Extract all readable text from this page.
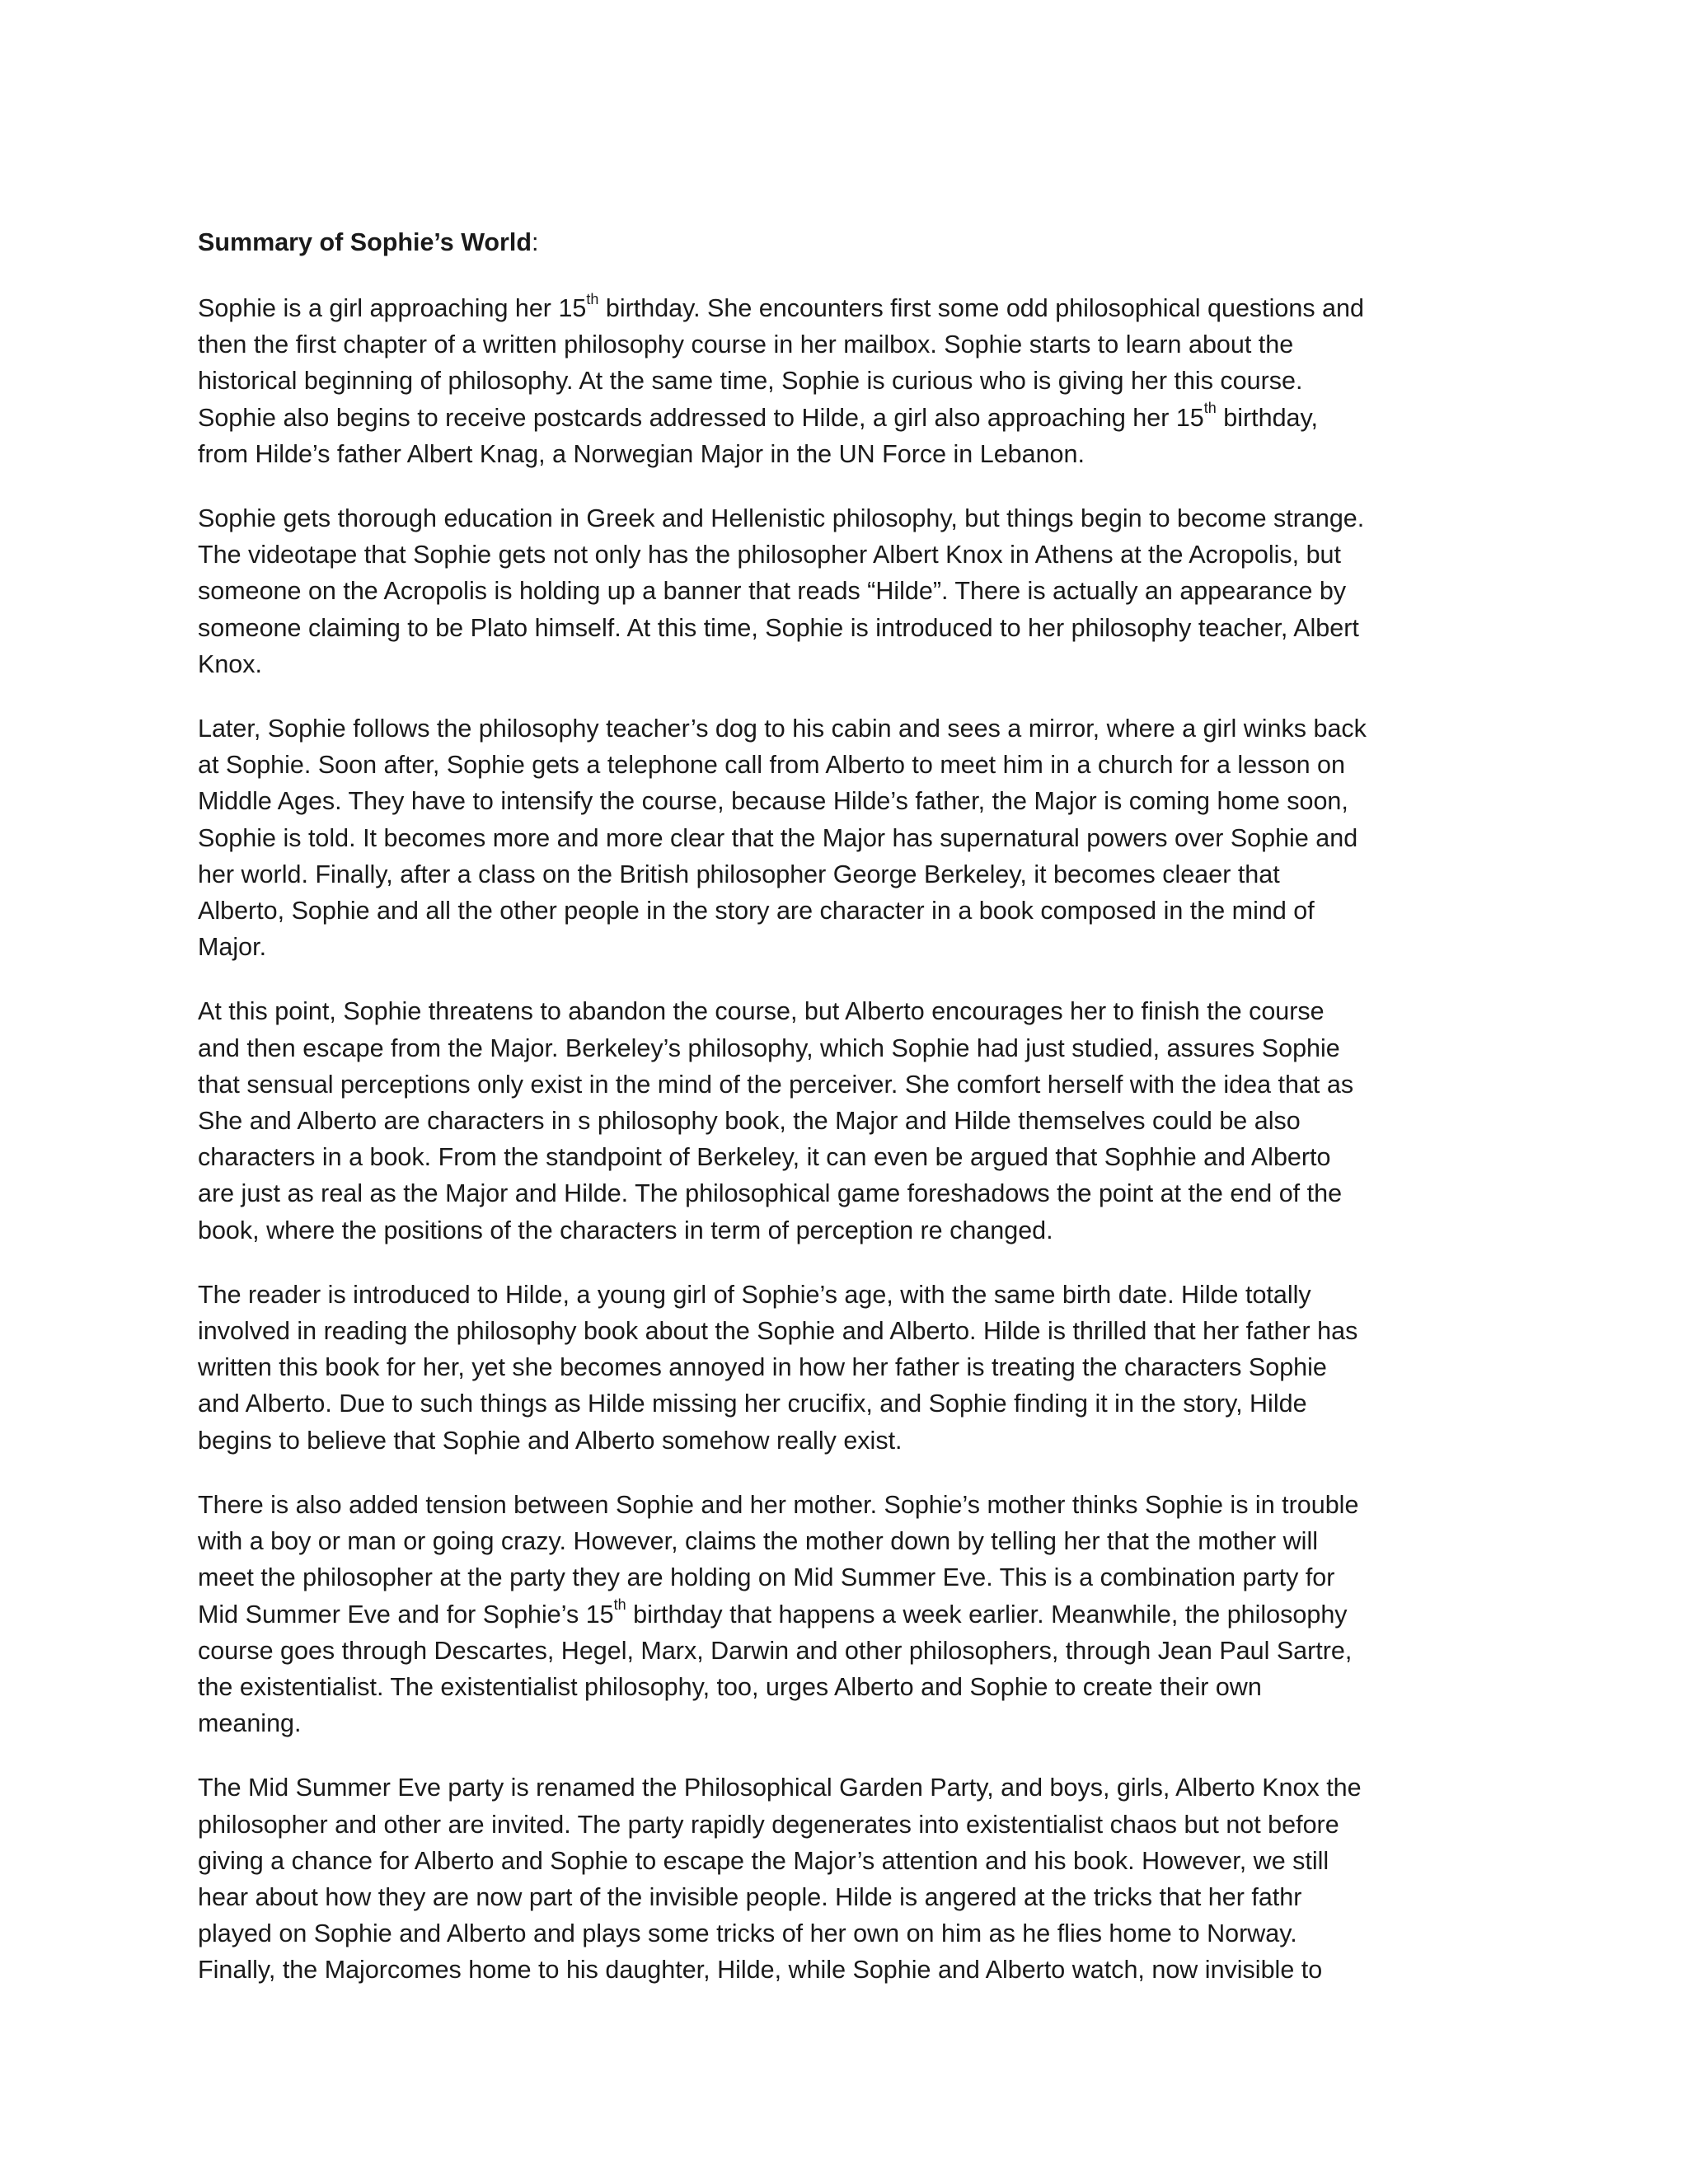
Summary of Sophie’s World:
Sophie is a girl approaching her 15th birthday. She encounters first some odd philosophical questions and
then the first chapter of a written philosophy course in her mailbox. Sophie starts to learn about the
historical beginning of philosophy. At the same time, Sophie is curious who is giving her this course.
Sophie also begins to receive postcards addressed to Hilde, a girl also approaching her 15th birthday,
from Hilde’s father Albert Knag, a Norwegian Major in the UN Force in Lebanon.
Sophie gets thorough education in Greek and Hellenistic philosophy, but things begin to become strange.
The videotape that Sophie gets not only has the philosopher Albert Knox in Athens at the Acropolis, but
someone on the Acropolis is holding up a banner that reads “Hilde”. There is actually an appearance by
someone claiming to be Plato himself. At this time, Sophie is introduced to her philosophy teacher, Albert
Knox.
Later, Sophie follows the philosophy teacher’s dog to his cabin and sees a mirror, where a girl winks back
at Sophie. Soon after, Sophie gets a telephone call from Alberto to meet him in a church for a lesson on
Middle Ages. They have to intensify the course, because Hilde’s father, the Major is coming home soon,
Sophie is told. It becomes more and more clear that the Major has supernatural powers over Sophie and
her world. Finally, after a class on the British philosopher George Berkeley, it becomes cleaer that
Alberto, Sophie and all the other people in the story are character in a book composed in the mind of
Major.
At this point, Sophie threatens to abandon the course, but Alberto encourages her to finish the course
and then escape from the Major. Berkeley’s philosophy, which Sophie had just studied, assures Sophie
that sensual perceptions only exist in the mind of the perceiver. She comfort herself with the idea that as
She and Alberto are characters in s philosophy book, the Major and Hilde themselves could be also
characters in a book. From the standpoint of Berkeley, it can even be argued that Sophhie and Alberto
are just as real as the Major and Hilde. The philosophical game foreshadows the point at the end of the
book, where the positions of the characters in term of perception re changed.
The reader is introduced to Hilde, a young girl of Sophie’s age, with the same birth date. Hilde totally
involved in reading the philosophy book about the Sophie and Alberto. Hilde is thrilled that her father has
written this book for her, yet she becomes annoyed in how her father is treating the characters Sophie
and Alberto. Due to such things as Hilde missing her crucifix, and Sophie finding it in the story, Hilde
begins to believe that Sophie and Alberto somehow really exist.
There is also added tension between Sophie and her mother. Sophie’s mother thinks Sophie is in trouble
with a boy or man or going crazy. However, claims the mother down by telling her that the mother will
meet the philosopher at the party they are holding on Mid Summer Eve. This is a combination party for
Mid Summer Eve and for Sophie’s 15th birthday that happens a week earlier. Meanwhile, the philosophy
course goes through Descartes, Hegel, Marx, Darwin and other philosophers, through Jean Paul Sartre,
the existentialist. The existentialist philosophy, too, urges Alberto and Sophie to create their own
meaning.
The Mid Summer Eve party is renamed the Philosophical Garden Party, and boys, girls, Alberto Knox the
philosopher and other are invited. The party rapidly degenerates into existentialist chaos but not before
giving a chance for Alberto and Sophie to escape the Major’s attention and his book. However, we still
hear about how they are now part of the invisible people. Hilde is angered at the tricks that her fathr
played on Sophie and Alberto and plays some tricks of her own on him as he flies home to Norway.
Finally, the Majorcomes home to his daughter, Hilde, while Sophie and Alberto watch, now invisible to
